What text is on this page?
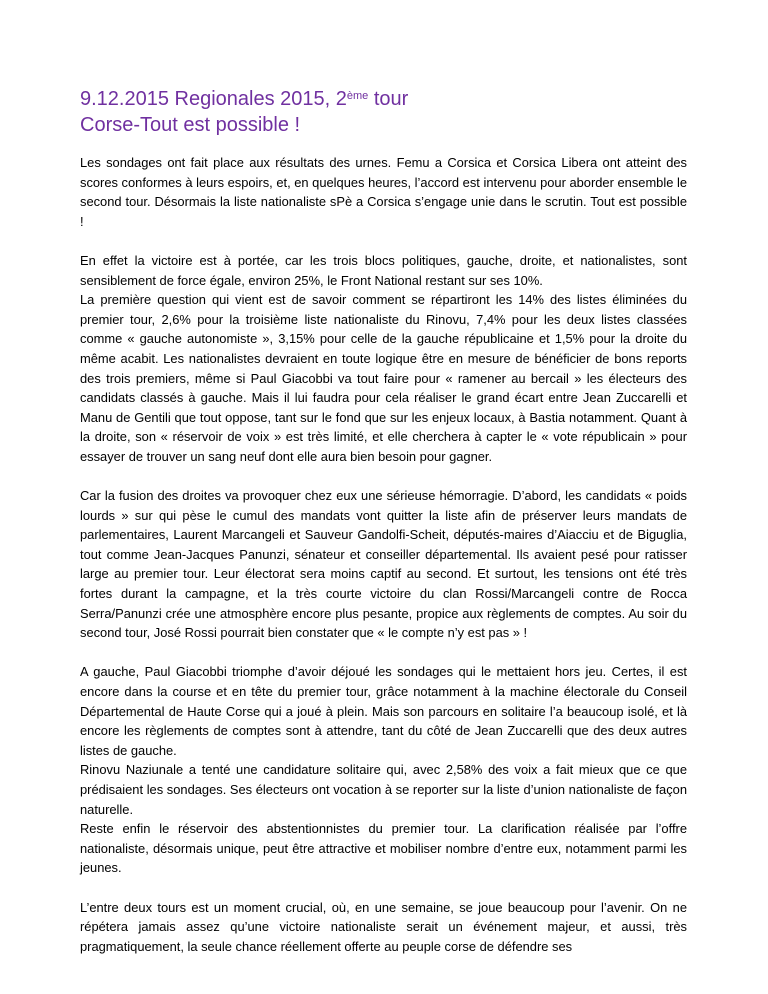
9.12.2015 Regionales 2015, 2ème tour
Corse-Tout est possible !

Les sondages ont fait place aux résultats des urnes. Femu a Corsica et Corsica Libera ont atteint des scores conformes à leurs espoirs, et, en quelques heures, l’accord est intervenu pour aborder ensemble le second tour. Désormais la liste nationaliste sPè a Corsica s’engage unie dans le scrutin. Tout est possible !

En effet la victoire est à portée, car les trois blocs politiques, gauche, droite, et nationalistes, sont sensiblement de force égale, environ 25%, le Front National restant sur ses 10%.
La première question qui vient est de savoir comment se répartiront les 14% des listes éliminées du premier tour, 2,6% pour la troisième liste nationaliste du Rinovu, 7,4% pour les deux listes classées comme « gauche autonomiste », 3,15% pour celle de la gauche républicaine et 1,5% pour la droite du même acabit. Les nationalistes devraient en toute logique être en mesure de bénéficier de bons reports des trois premiers, même si Paul Giacobbi va tout faire pour « ramener au bercail » les électeurs des candidats classés à gauche. Mais il lui faudra pour cela réaliser le grand écart entre Jean Zuccarelli et Manu de Gentili que tout oppose, tant sur le fond que sur les enjeux locaux, à Bastia notamment. Quant à la droite, son « réservoir de voix » est très limité, et elle cherchera à capter le « vote républicain » pour essayer de trouver un sang neuf dont elle aura bien besoin pour gagner.

Car la fusion des droites va provoquer chez eux une sérieuse hémorragie. D’abord, les candidats « poids lourds » sur qui pèse le cumul des mandats vont quitter la liste afin de préserver leurs mandats de parlementaires, Laurent Marcangeli et Sauveur Gandolfi-Scheit, députés-maires d’Aiacciu et de Biguglia, tout comme Jean-Jacques Panunzi, sénateur et conseiller départemental. Ils avaient pesé pour ratisser large au premier tour. Leur électorat sera moins captif au second. Et surtout, les tensions ont été très fortes durant la campagne, et la très courte victoire du clan Rossi/Marcangeli contre de Rocca Serra/Panunzi crée une atmosphère encore plus pesante, propice aux règlements de comptes. Au soir du second tour, José Rossi pourrait bien constater que « le compte n’y est pas » !

A gauche, Paul Giacobbi triomphe d’avoir déjoué les sondages qui le mettaient hors jeu. Certes, il est encore dans la course et en tête du premier tour, grâce notamment à la machine électorale du Conseil Départemental de Haute Corse qui a joué à plein. Mais son parcours en solitaire l’a beaucoup isolé, et là encore les règlements de comptes sont à attendre, tant du côté de Jean Zuccarelli que des deux autres listes de gauche.
Rinovu Naziunale a tenté une candidature solitaire qui, avec 2,58% des voix a fait mieux que ce que prédisaient les sondages. Ses électeurs ont vocation à se reporter sur la liste d’union nationaliste de façon naturelle.
Reste enfin le réservoir des abstentionnistes du premier tour. La clarification réalisée par l’offre nationaliste, désormais unique, peut être attractive et mobiliser nombre d’entre eux, notamment parmi les jeunes.

L’entre deux tours est un moment crucial, où, en une semaine, se joue beaucoup pour l’avenir. On ne répétera jamais assez qu’une victoire nationaliste serait un événement majeur, et aussi, très pragmatiquement, la seule chance réellement offerte au peuple corse de défendre ses
